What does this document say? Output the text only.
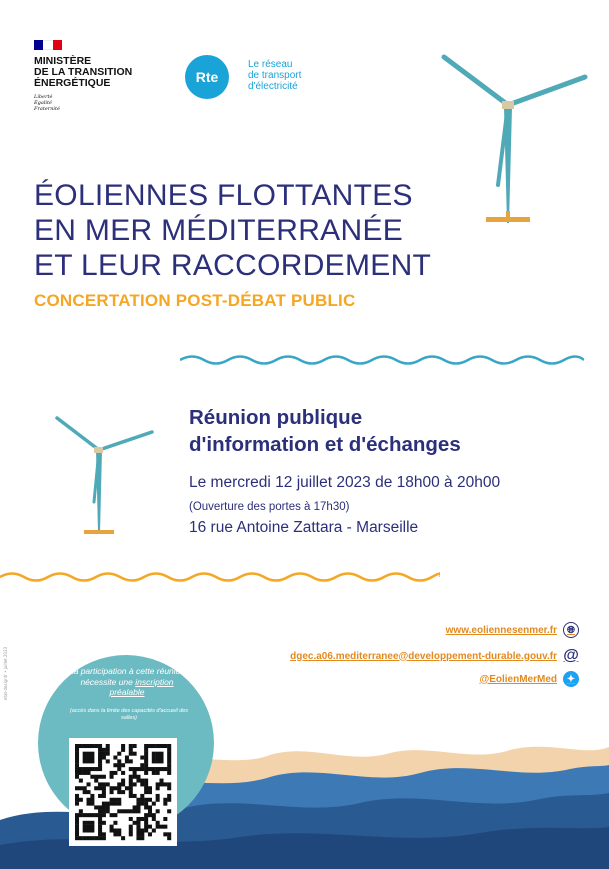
MINISTÈRE
DE LA TRANSITION
ÉNERGÉTIQUE
Liberté
Égalité
Fraternité
Rte
Le réseau
de transport
d'électricité
ÉOLIENNES FLOTTANTES
EN MER MÉDITERRANÉE
ET LEUR RACCORDEMENT
CONCERTATION POST-DÉBAT PUBLIC
Réunion publique
d'information et d'échanges
Le mercredi 12 juillet 2023 de 18h00 à 20h00
(Ouverture des portes à 17h30)
16 rue Antoine Zattara - Marseille
www.eoliennesenmer.fr	🌐︎
dgec.a06.mediterranee@developpement-durable.gouv.fr @
@EolienMerMed ✦
etat-designfr • juillet 2023	La participation à cette réunion nécessite une inscription préalable
(accès dans la limite des capacités d'accueil des salles)
